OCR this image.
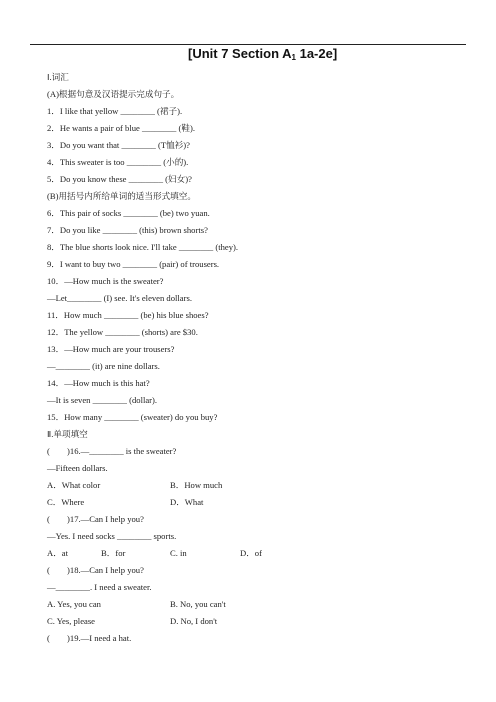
[Unit 7 Section $A_1$ 1a-2e]
Ⅰ.词汇
(A)根据句意及汉语提示完成句子。
1．I like that yellow ________ (裙子).
2．He wants a pair of blue ________ (鞋).
3．Do you want that ________ (T恤衫)?
4．This sweater is too ________ (小的).
5．Do you know these ________ (妇女)?
(B)用括号内所给单词的适当形式填空。
6．This pair of socks ________ (be) two yuan.
7．Do you like ________ (this) brown shorts?
8．The blue shorts look nice. I'll take ________ (they).
9．I want to buy two ________ (pair) of trousers.
10．—How much is the sweater?
—Let________ (I) see. It's eleven dollars.
11．How much ________ (be) his blue shoes?
12．The yellow ________ (shorts) are $30.
13．—How much are your trousers?
—________ (it) are nine dollars.
14．—How much is this hat?
—It is seven ________ (dollar).
15．How many ________ (sweater) do you buy?
Ⅱ.单项填空
(　　)16.—________ is the sweater?
—Fifteen dollars.
(　　)17.—Can I help you?
—Yes. I need socks ________ sports.
(　　)18.—Can I help you?
—________. I need a sweater.
(　　)19.—I need a hat.
A．What color	B．How much
C．Where	D．What
A．at	B．for	C. in	D．of
A. Yes, you can	B. No, you can't
C. Yes, please	D. No, I don't
